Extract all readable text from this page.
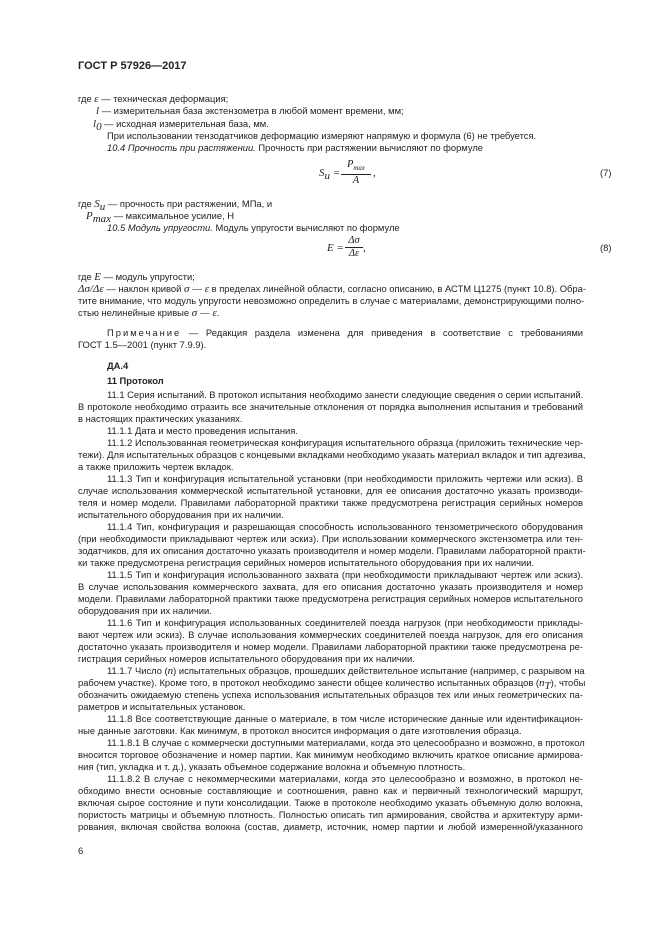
ГОСТ Р 57926—2017
где ε — техническая деформация;
l — измерительная база экстензометра в любой момент времени, мм;
$l_0$ — исходная измерительная база, мм.
При использовании тензодатчиков деформацию измеряют напрямую и формула (6) не требуется.
10.4 Прочность при растяжении. Прочность при растяжении вычисляют по формуле
$S_u$ =
$P_{max}$
A
,	(7)
где $S_u$ — прочность при растяжении, МПа, и
$P_{max}$ — максимальное усилие, Н
10.5 Модуль упругости. Модуль упругости вычисляют по формуле
$E = \frac{\Delta\sigma}{\Delta\varepsilon}$ ,	(8)
где E — модуль упругости;
Δσ/Δε — наклон кривой σ — ε в пределах линейной области, согласно описанию, в АСТМ Ц1275 (пункт 10.8). Обра-
тите внимание, что модуль упругости невозможно определить в случае с материалами, демонстрирующими полно-
стью нелинейные кривые σ — ε.
Примечание — Редакция раздела изменена для приведения в соответствие с требованиями
ГОСТ 1.5—2001 (пункт 7.9.9).
ДА.4
11 Протокол
11.1 Серия испытаний. В протокол испытания необходимо занести следующие сведения о серии испытаний.
В протоколе необходимо отразить все значительные отклонения от порядка выполнения испытания и требований
в настоящих практических указаниях.
11.1.1 Дата и место проведения испытания.
11.1.2 Использованная геометрическая конфигурация испытательного образца (приложить технические чер-
тежи). Для испытательных образцов с концевыми вкладками необходимо указать материал вкладок и тип адгезива,
а также приложить чертеж вкладок.
11.1.3 Тип и конфигурация испытательной установки (при необходимости приложить чертежи или эскиз). В
случае использования коммерческой испытательной установки, для ее описания достаточно указать производи-
теля и номер модели. Правилами лабораторной практики также предусмотрена регистрация серийных номеров
испытательного оборудования при их наличии.
11.1.4 Тип, конфигурация и разрешающая способность использованного тензометрического оборудования
(при необходимости прикладывают чертеж или эскиз). При использовании коммерческого экстензометра или тен-
зодатчиков, для их описания достаточно указать производителя и номер модели. Правилами лабораторной практи-
ки также предусмотрена регистрация серийных номеров испытательного оборудования при их наличии.
11.1.5 Тип и конфигурация использованного захвата (при необходимости прикладывают чертеж или эскиз).
В случае использования коммерческого захвата, для его описания достаточно указать производителя и номер
модели. Правилами лабораторной практики также предусмотрена регистрация серийных номеров испытательного
оборудования при их наличии.
11.1.6 Тип и конфигурация использованных соединителей поезда нагрузок (при необходимости приклады-
вают чертеж или эскиз). В случае использования коммерческих соединителей поезда нагрузок, для его описания
достаточно указать производителя и номер модели. Правилами лабораторной практики также предусмотрена ре-
гистрация серийных номеров испытательного оборудования при их наличии.
11.1.7 Число (n) испытательных образцов, прошедших действительное испытание (например, с разрывом на
рабочем участке). Кроме того, в протокол необходимо занести общее количество испытанных образцов $(n_T)$, чтобы
обозначить ожидаемую степень успеха использования испытательных образцов тех или иных геометрических па-
раметров и испытательных установок.
11.1.8 Все соответствующие данные о материале, в том числе исторические данные или идентификацион-
ные данные заготовки. Как минимум, в протокол вносится информация о дате изготовления образца.
11.1.8.1 В случае с коммерчески доступными материалами, когда это целесообразно и возможно, в протокол
вносится торговое обозначение и номер партии. Как минимум необходимо включить краткое описание армирова-
ния (тип, укладка и т. д.), указать объемное содержание волокна и объемную плотность.
11.1.8.2 В случае с некоммерческими материалами, когда это целесообразно и возможно, в протокол не-
обходимо внести основные составляющие и соотношения, равно как и первичный технологический маршрут,
включая сырое состояние и пути консолидации. Также в протоколе необходимо указать объемную долю волокна,
пористость матрицы и объемную плотность. Полностью описать тип армирования, свойства и архитектуру арми-
рования, включая свойства волокна (состав, диаметр, источник, номер партии и любой измеренной/указанного
6
